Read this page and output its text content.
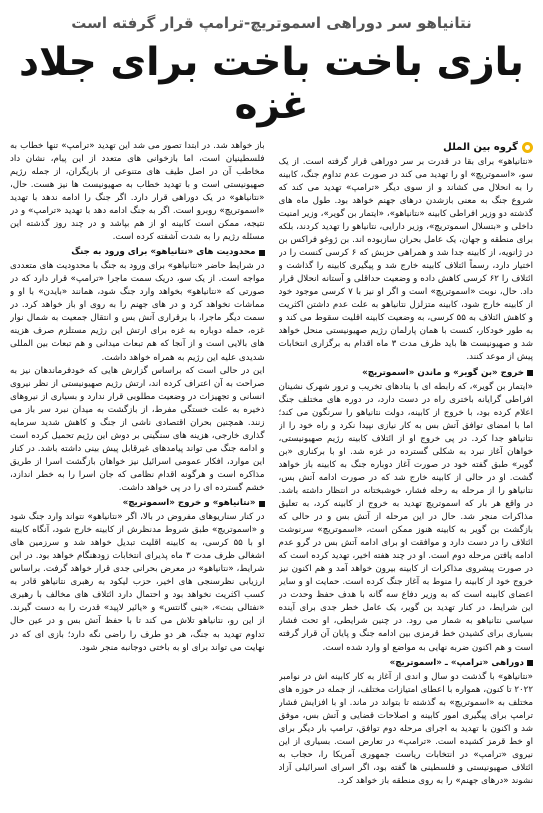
نتانیاهو سر دوراهی اسموتریچ-ترامپ قرار گرفته است
بازی باخت باخت برای جلاد غزه
گروه بین الملل

«نتانیاهو» برای بقا در قدرت بر سر دوراهی قرار گرفته است. از یک سو، «اسموتریچ» او را تهدید می کند در صورت عدم تداوم جنگ، کابینه را به انحلال می کشاند و از سوی دیگر «ترامپ» تهدید می کند که شروع جنگ به معنی بازشدن درهای جهنم خواهد بود. طول ماه های گذشته دو وزیر افراطی کابینه «نتانیاهو»، «ایتمار بن گویر»، وزیر امنیت داخلی و «بتسلال اسموتریچ»، وزیر دارایی، نتانیاهو را تهدید کردند، بلکه برای منطقه و جهان، یک عامل بحران سازبوده اند. بن ژوغو فراکس بن در ژانویه، از کابینه جدا شد و همراهی حزبش که ۶ کرسی کنست را در اختیار دارد، رسماً ائتلاف کابینه خارج شد و پیگیری کابینه را گذاشت و ائتلاف را ۶۲ کرسی کاهش داده و وضعیت حداقلی و آستانه انحلال قرار داد. حال، نوبت «اسموتریچ» است و اگر او نیز با ۷ کرسی موجود خود از کابینه خارج شود، کابینه متزلزل نتانیاهو به علت عدم داشتن اکثریت و کاهش ائتلاف به ۵۵ کرسی، به وضعیت کابینه اقلیت سقوط می کند و به طور خودکار، کنست با همان پارلمان رژیم صهیونیستی منحل خواهد شد و صهیونیست ها باید ظرف مدت ۳ ماه اقدام به برگزاری انتخابات پیش از موعد کنند.

خروج «بن گویر» و ماندن «اسموتریچ»

«ایتمار بن گویر»، که رابطه ای با بنادهای تخریب و ترور شهرک نشینان افراطی گرایانه باختری راه در دست دارد، در دوره های مختلف جنگ اعلام کرده بود، با خروج از کابینه، دولت نتانیاهو را سرنگون می کند؛ اما با امضای توافق آتش بس به کار نیازی نپیدا نکرد و راه خود را از نتانیاهو جدا کرد. در پی خروج او از ائتلاف کابینه رژیم صهیونیستی، خواهان آغاز نبرد به شکلی گسترده در غزه شد. او با برکناری «بن گویر» طبق گفته خود در صورت آغاز دوباره جنگ به کابینه باز خواهد گشت. او در حالی از کابینه خارج شد که در صورت ادامه آتش بس، نتانیاهو را از مرحله به رحله فشار، خوشبختانه در انتظار داشته باشد. در واقع هر بار که اسموتریچ تهدید به خروج از کابینه کرد، به تعلیق مذاکرات منجر شد. حال در این مرحله از آتش بس و در حالی که بازگشت بن گویر به کابینه هنوز ممکن است، «اسموتریچ» سرنوشت ائتلاف را در دست دارد و موافقت او برای ادامه آتش بس در گرو عدم ادامه یافتن مرحله دوم است. او در چند هفته اخیر، تهدید کرده است که در صورت پیشروی مذاکرات از کابینه بیرون خواهد آمد و هم اکنون نیز خروج خود از کابینه را منوط به آغاز جنگ کرده است. حمایت او و سایر اعضای کابینه است که به وزیر دفاع سه گانه با هدف حفظ وحدت در این شرایط، در کنار تهدید بن گویر، یک عامل خطر جدی برای آینده سیاسی نتانیاهو به شمار می رود. در چنین شرایطی، او تحت فشار بسیاری برای کشیدن خط قرمزی بین ادامه جنگ و پایان آن قرار گرفته است و هم اکنون ضربه نهایی به مواضع او وارد شده است.

دوراهی «ترامپ» ـ «اسموتریچ»

«نتانیاهو» با گذشت دو سال و اندی از آغاز به کار کابینه اش در نوامبر ۲۰۲۲ تا کنون، همواره با اعطای امتیازات مختلف، از جمله در حوزه های مختلف به «اسموتریچ» به گذشته تا بتواند در ماند. او با افزایش فشار ترامپ برای پیگیری امور کابینه و اصلاحات قضایی و آتش بس، موفق شد و اکنون با تهدید به اجرای مرحله دوم توافق، ترامپ بار دیگر برای او خط قرمز کشیده است. «ترامپ» در تعارض است. بسیاری از این نیروی «ترامپ» در انتخابات ریاست جمهوری آمریکا را، حجاب به ائتلاف صهیونیستی و فلسطینی ها گفته بود، اگر اسرای اسرائیلی آزاد نشوند «درهای جهنم» را به روی منطقه باز خواهد کرد.

باز خواهد شد. در ابتدا تصور می شد این تهدید «ترامپ» تنها خطاب به فلسطینیان است، اما بازخوانی های متعدد از این پیام، نشان داد مخاطب آن در اصل طیف های متنوعی از بازیگران، از جمله رژیم صهیونیستی است و با تهدید خطاب به صهیونیست ها نیز هست. حال، «نتانیاهو» در یک دوراهی قرار دارد. اگر جنگ را ادامه ندهد با تهدید «اسموتریچ» روبرو است. اگر به جنگ ادامه دهد با تهدید «ترامپ» و در نتیجه، ممکن است کابینه او از هم بپاشد و در چند روز گذشته این مسئله رژیم را به شدت آشفته کرده است.

محدودیت های «نتانیاهو» برای ورود به جنگ

در شرایط حاضر «نتانیاهو» برای ورود به جنگ با محدودیت های متعددی مواجه است. از یک سو، دریک سمت ماجرا «ترامپ» قرار دارد که در صورتی که «نتانیاهو» بخواهد وارد جنگ شود، همانند «بایدن» با او و مماشات نخواهد کرد و در های جهنم را به روی او باز خواهد کرد. در سمت دیگر ماجرا، با برقراری آتش بس و انتقال جمعیت به شمال نوار غزه، حمله دوباره به غزه برای ارتش این رژیم مستلزم صرف هزینه های بالایی است و از آنجا که هم تبعات میدانی و هم تبعات بین المللی شدیدی علیه این رژیم به همراه خواهد داشت.

این در حالی است که براساس گزارش هایی که خودفرماندهان نیز به صراحت به آن اعتراف کرده اند، ارتش رژیم صهیونیستی از نظر نیروی انسانی و تجهیزات در وضعیت مطلوبی قرار ندارد و بسیاری از نیروهای ذخیره به علت خستگی مفرط، از بازگشت به میدان نبرد سر باز می زنند. همچنین بحران اقتصادی ناشی از جنگ و کاهش شدید سرمایه گذاری خارجی، هزینه های سنگینی بر دوش این رژیم تحمیل کرده است و ادامه جنگ می تواند پیامدهای غیرقابل پیش بینی داشته باشد. در کنار این موارد، افکار عمومی اسرائیل نیز خواهان بازگشت اسرا از طریق مذاکره است و هرگونه اقدام نظامی که جان اسرا را به خطر اندازد، خشم گسترده ای را در پی خواهد داشت.

«نتانیاهو» و خروج «اسموتریچ»

در کنار سناریوهای مفروض در بالا، اگر «نتانیاهو» نتواند وارد جنگ شود و «اسموتریچ» طبق شروط مدنظرش از کابینه خارج شود، آنگاه کابینه او با ۵۵ کرسی، به کابینه اقلیت تبدیل خواهد شد و سرزمین های اشغالی ظرف مدت ۳ ماه پذیرای انتخابات زودهنگام خواهد بود. در این شرایط، «نتانیاهو» در معرض بحرانی جدی قرار خواهد گرفت. براساس ارزیابی نظرسنجی های اخیر، حزب لیکود به رهبری نتانیاهو قادر به کسب اکثریت نخواهد بود و احتمال دارد ائتلاف های مخالف با رهبری «نفتالی بنت»، «بنی گانتس» و «یائیر لاپید» قدرت را به دست گیرند. از این رو، نتانیاهو تلاش می کند تا با حفظ آتش بس و در عین حال تداوم تهدید به جنگ، هر دو طرف را راضی نگه دارد؛ بازی ای که در نهایت می تواند برای او به باختی دوجانبه منجر شود.
